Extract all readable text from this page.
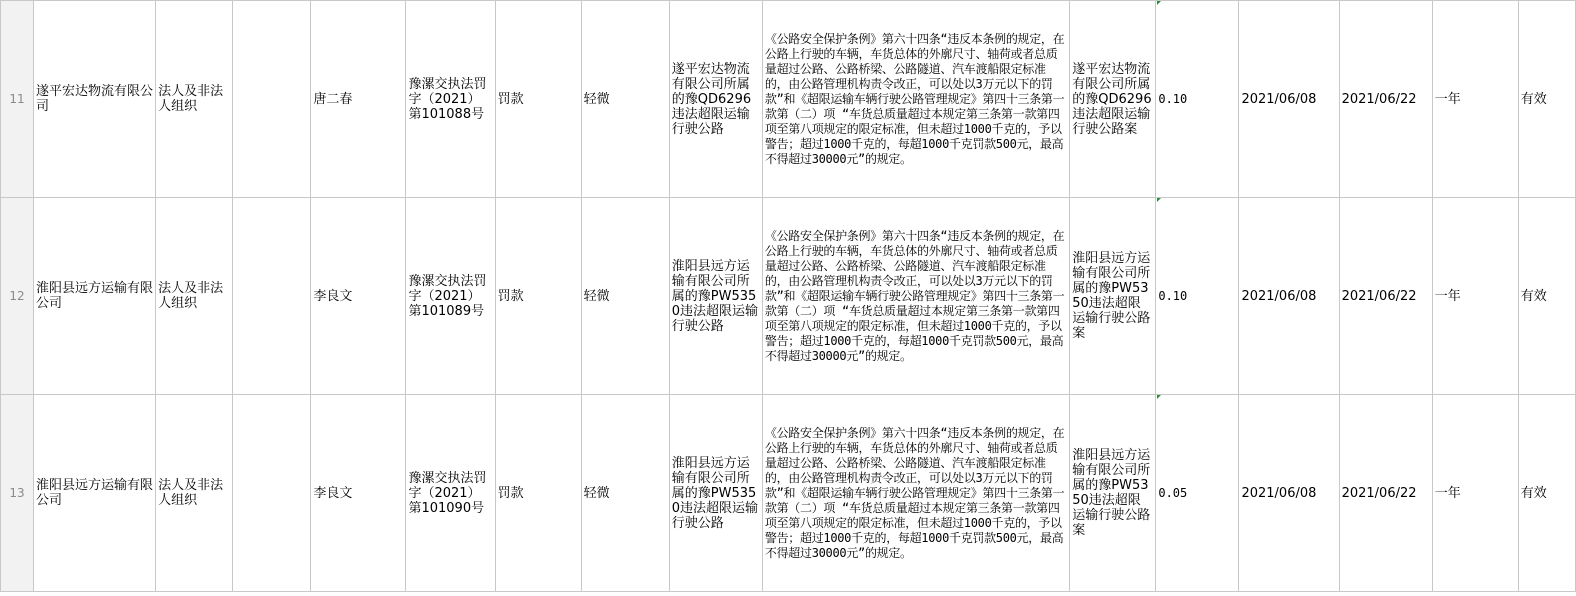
11	遂平宏达物流有限公司	法人及非法人组织		唐二春	豫漯交执法罚字（2021）第101088号	罚款	轻微	遂平宏达物流有限公司所属的豫QD6296违法超限运输行驶公路	《公路安全保护条例》第六十四条“违反本条例的规定，在公路上行驶的车辆，车货总体的外廓尺寸、轴荷或者总质量超过公路、公路桥梁、公路隧道、汽车渡船限定标准的，由公路管理机构责令改正，可以处以3万元以下的罚款”和《超限运输车辆行驶公路管理规定》第四十三条第一款第（二）项 “车货总质量超过本规定第三条第一款第四项至第八项规定的限定标准，但未超过1000千克的，予以警告；超过1000千克的，每超1000千克罚款500元，最高不得超过30000元”的规定。	遂平宏达物流有限公司所属的豫QD6296违法超限运输行驶公路案	0.10	2021/06/08	2021/06/22	一年	有效
12	淮阳县远方运输有限公司	法人及非法人组织		李良文	豫漯交执法罚字（2021）第101089号	罚款	轻微	淮阳县远方运输有限公司所属的豫PW5350违法超限运输行驶公路	《公路安全保护条例》第六十四条“违反本条例的规定，在公路上行驶的车辆，车货总体的外廓尺寸、轴荷或者总质量超过公路、公路桥梁、公路隧道、汽车渡船限定标准的，由公路管理机构责令改正，可以处以3万元以下的罚款”和《超限运输车辆行驶公路管理规定》第四十三条第一款第（二）项 “车货总质量超过本规定第三条第一款第四项至第八项规定的限定标准，但未超过1000千克的，予以警告；超过1000千克的，每超1000千克罚款500元，最高不得超过30000元”的规定。	淮阳县远方运输有限公司所属的豫PW5350违法超限运输行驶公路案	0.10	2021/06/08	2021/06/22	一年	有效
13	淮阳县远方运输有限公司	法人及非法人组织		李良文	豫漯交执法罚字（2021）第101090号	罚款	轻微	淮阳县远方运输有限公司所属的豫PW5350违法超限运输行驶公路	《公路安全保护条例》第六十四条“违反本条例的规定，在公路上行驶的车辆，车货总体的外廓尺寸、轴荷或者总质量超过公路、公路桥梁、公路隧道、汽车渡船限定标准的，由公路管理机构责令改正，可以处以3万元以下的罚款”和《超限运输车辆行驶公路管理规定》第四十三条第一款第（二）项 “车货总质量超过本规定第三条第一款第四项至第八项规定的限定标准，但未超过1000千克的，予以警告；超过1000千克的，每超1000千克罚款500元，最高不得超过30000元”的规定。	淮阳县远方运输有限公司所属的豫PW5350违法超限运输行驶公路案	0.05	2021/06/08	2021/06/22	一年	有效
